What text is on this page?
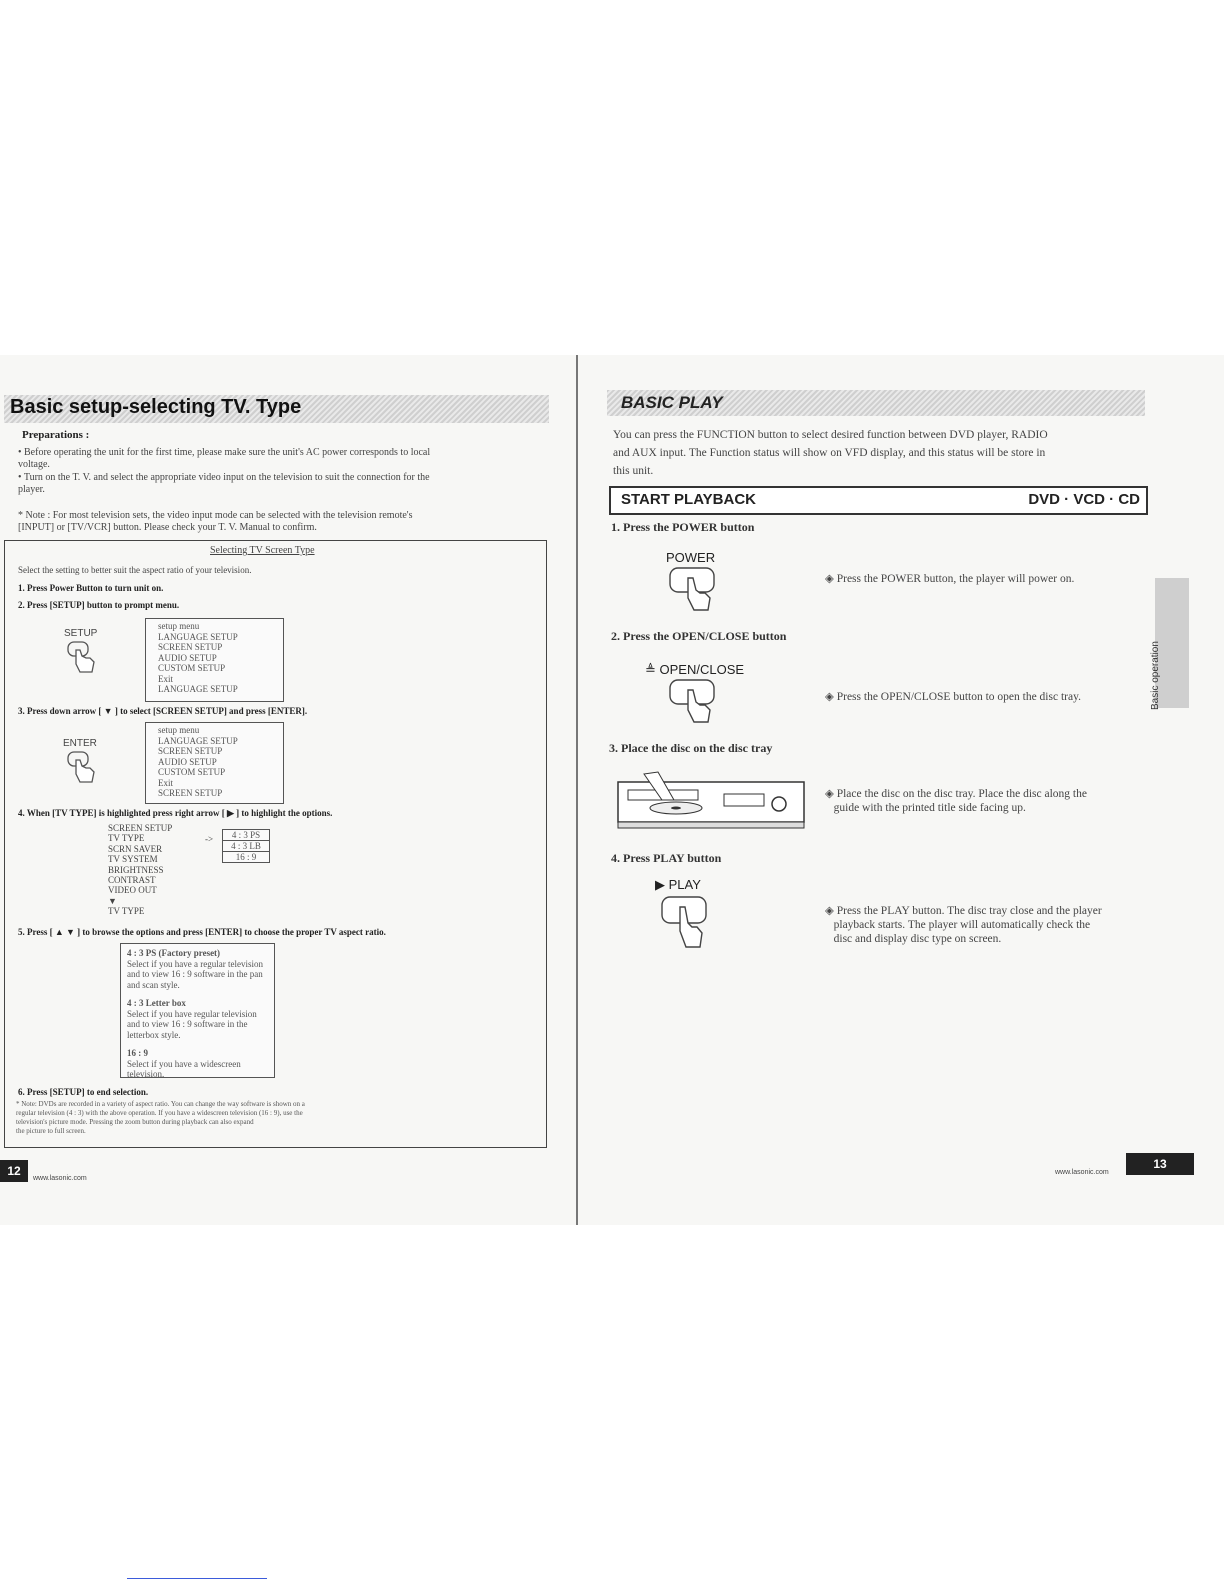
Basic setup-selecting TV. Type
Preparations :
• Before operating the unit for the first time, please make sure the unit's AC power corresponds to local
voltage.
• Turn on the T. V. and select the appropriate video input on the television to suit the connection for the
player.
* Note : For most television sets, the video input mode can be selected with the television remote's
[INPUT] or [TV/VCR] button. Please check your T. V. Manual to confirm.
Selecting TV Screen Type
Select the setting to better suit the aspect ratio of your television.
1. Press Power Button to turn unit on.
2. Press [SETUP] button to prompt menu.
SETUP
setup menu
LANGUAGE SETUP
SCREEN SETUP
AUDIO SETUP
CUSTOM SETUP
Exit
LANGUAGE SETUP
3. Press down arrow [ ▼ ] to select [SCREEN SETUP] and press [ENTER].
ENTER
setup menu
LANGUAGE SETUP
SCREEN SETUP
AUDIO SETUP
CUSTOM SETUP
Exit
SCREEN SETUP
4. When [TV TYPE] is highlighted press right arrow [ ▶ ] to highlight the options.
SCREEN SETUP
TV TYPE
SCRN SAVER
TV SYSTEM
BRIGHTNESS
CONTRAST
VIDEO OUT
▼
TV TYPE
->	4 : 3 PS
4 : 3 LB
16 : 9
5. Press [ ▲ ▼ ] to browse the options and press [ENTER] to choose the proper TV aspect ratio.
4 : 3 PS (Factory preset)
Select if you have a regular television
and to view 16 : 9 software in the pan
and scan style.
4 : 3 Letter box
Select if you have regular television
and to view 16 : 9 software in the
letterbox style.
16 : 9
Select if you have a widescreen
television.
6. Press [SETUP] to end selection.
* Note: DVDs are recorded in a variety of aspect ratio. You can change the way software is shown on a
regular television (4 : 3) with the above operation. If you have a widescreen television (16 : 9), use the
television's picture mode. Pressing the zoom button during playback can also expand
the picture to full screen.
12
www.lasonic.com
BASIC PLAY
You can press the FUNCTION button to select desired function between DVD player, RADIO
and AUX input. The Function status will show on VFD display, and this status will be store in
this unit.
START PLAYBACK	DVD · VCD · CD
1. Press the POWER button
POWER
◈ Press the POWER button, the player will power on.
2. Press the OPEN/CLOSE button
≜ OPEN/CLOSE
◈ Press the OPEN/CLOSE button to open the disc tray.
3. Place the disc on the disc tray
◈ Place the disc on the disc tray. Place the disc along the
guide with the printed title side facing up.
4. Press PLAY button
▶ PLAY
◈ Press the PLAY button. The disc tray close and the player
playback starts. The player will automatically check the
disc and display disc type on screen.
Basic operation
www.lasonic.com
13
